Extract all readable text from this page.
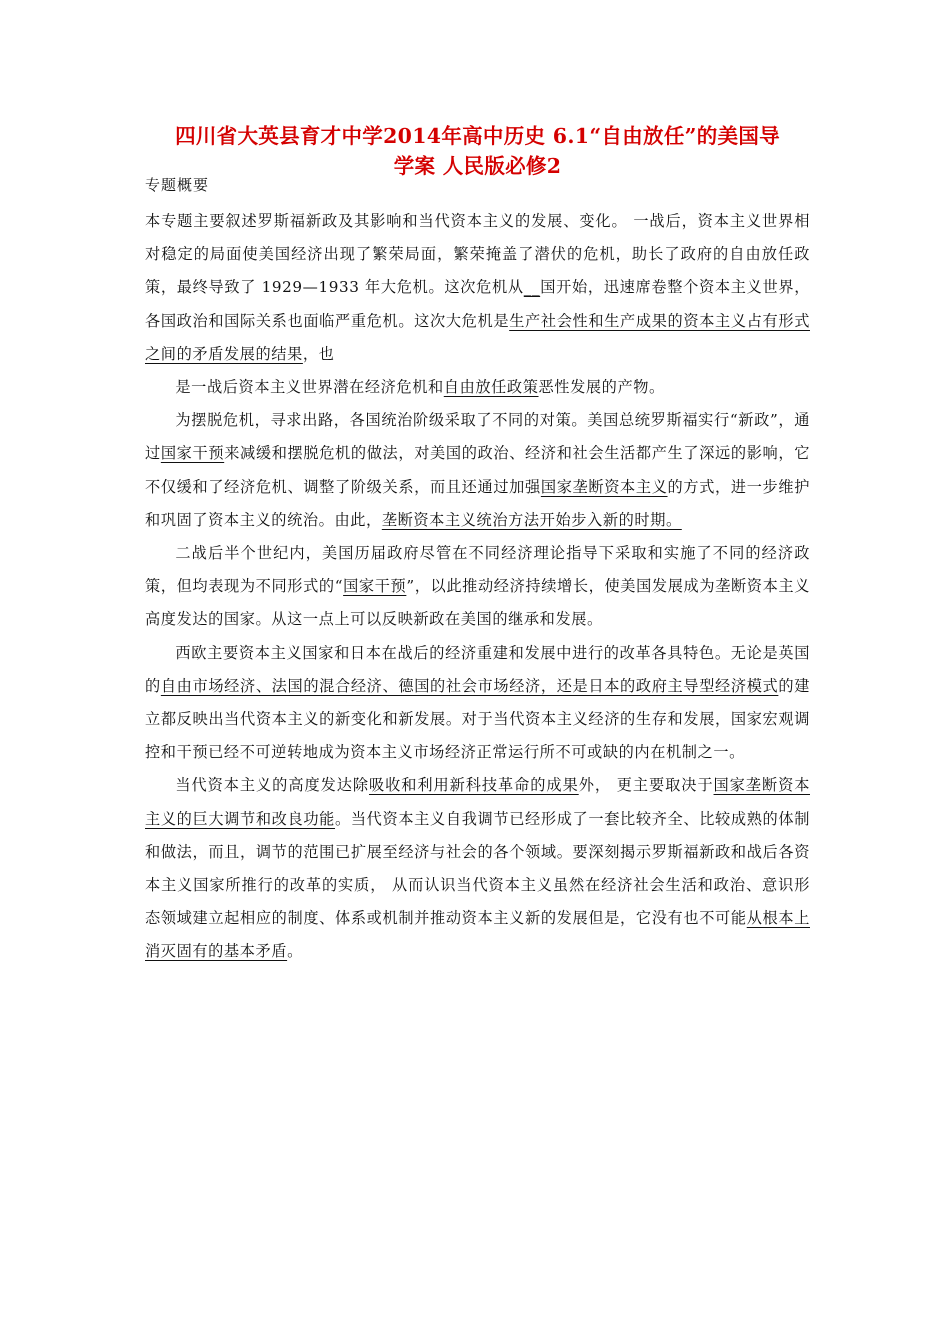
四川省大英县育才中学2014年高中历史 6.1“自由放任”的美国导
学案 人民版必修2
专题概要

本专题主要叙述罗斯福新政及其影响和当代资本主义的发展、变化。 一战后，资本主义世界相对稳定的局面使美国经济出现了繁荣局面，繁荣掩盖了潜伏的危机，助长了政府的自由放任政策，最终导致了 1929—1933 年大危机。这次危机从__国开始，迅速席卷整个资本主义世界，各国政治和国际关系也面临严重危机。这次大危机是生产社会性和生产成果的资本主义占有形式之间的矛盾发展的结果，也

是一战后资本主义世界潜在经济危机和自由放任政策恶性发展的产物。

为摆脱危机，寻求出路，各国统治阶级采取了不同的对策。美国总统罗斯福实行“新政”，通过国家干预来减缓和摆脱危机的做法，对美国的政治、经济和社会生活都产生了深远的影响，它不仅缓和了经济危机、调整了阶级关系，而且还通过加强国家垄断资本主义的方式，进一步维护和巩固了资本主义的统治。由此，垄断资本主义统治方法开始步入新的时期。

二战后半个世纪内，美国历届政府尽管在不同经济理论指导下采取和实施了不同的经济政策，但均表现为不同形式的“国家干预”，以此推动经济持续增长，使美国发展成为垄断资本主义高度发达的国家。从这一点上可以反映新政在美国的继承和发展。

西欧主要资本主义国家和日本在战后的经济重建和发展中进行的改革各具特色。无论是英国的自由市场经济、法国的混合经济、德国的社会市场经济，还是日本的政府主导型经济模式的建立都反映出当代资本主义的新变化和新发展。对于当代资本主义经济的生存和发展，国家宏观调控和干预已经不可逆转地成为资本主义市场经济正常运行所不可或缺的内在机制之一。

当代资本主义的高度发达除吸收和利用新科技革命的成果外， 更主要取决于国家垄断资本主义的巨大调节和改良功能。当代资本主义自我调节已经形成了一套比较齐全、比较成熟的体制和做法，而且，调节的范围已扩展至经济与社会的各个领域。要深刻揭示罗斯福新政和战后各资本主义国家所推行的改革的实质， 从而认识当代资本主义虽然在经济社会生活和政治、意识形态领域建立起相应的制度、体系或机制并推动资本主义新的发展但是，它没有也不可能从根本上消灭固有的基本矛盾。
